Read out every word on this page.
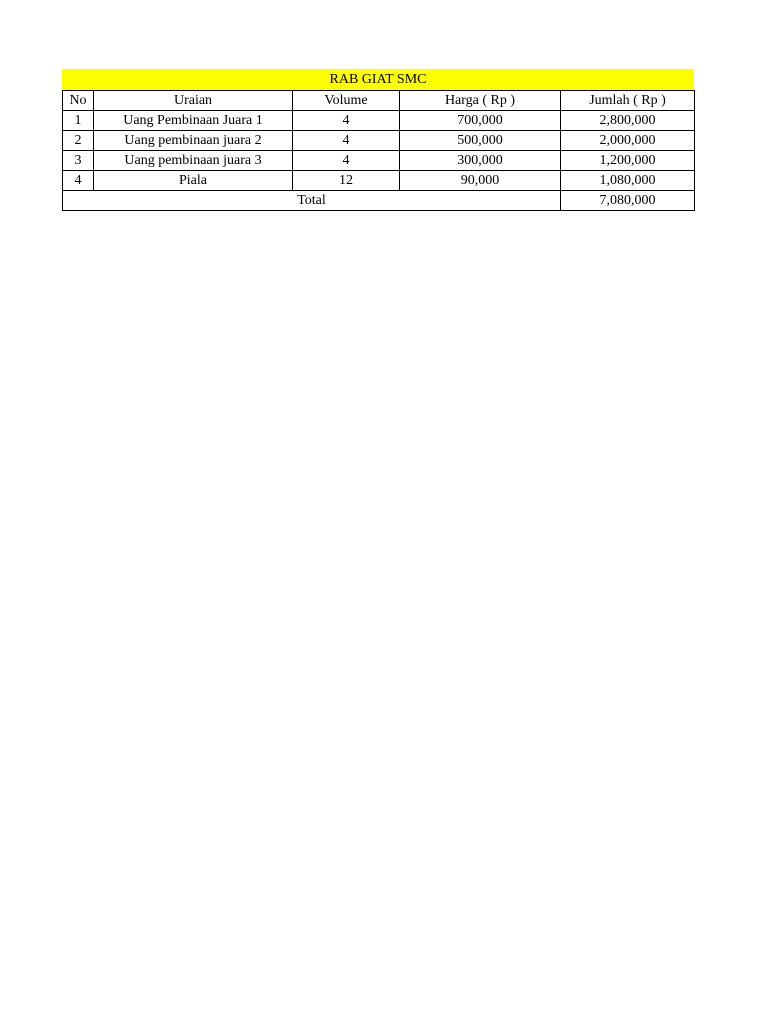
RAB GIAT SMC
No	Uraian	Volume	Harga ( Rp )	Jumlah ( Rp )
1	Uang Pembinaan Juara 1	4	700,000	2,800,000
2	Uang pembinaan juara 2	4	500,000	2,000,000
3	Uang pembinaan juara 3	4	300,000	1,200,000
4	Piala	12	90,000	1,080,000
Total				7,080,000
